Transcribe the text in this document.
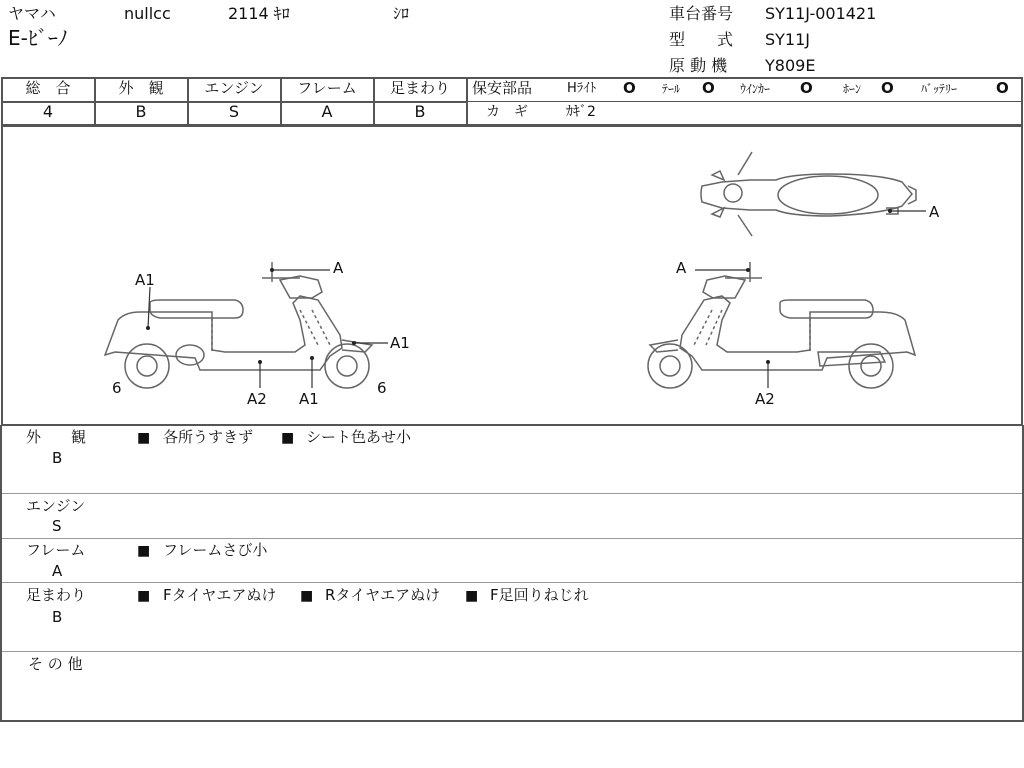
ヤマハ	nullcc	2114 ｷﾛ	ｼﾛ
E-ﾋﾞｰﾉ
車台番号 SY11J-001421
型　　式 SY11J
原 動 機 Y809E
総　合
4
外　観
B
エンジン
S
フレーム
A
足まわり
B
保安部品	Hﾗｲﾄ O ﾃｰﾙ O ｳｲﾝｶｰ O	ﾎｰﾝ O ﾊﾞｯﾃﾘｰ	O
カ　ギ	ｶｷﾞ2
A
A1
A
A1
6
A2 A1
6
A
A2
外　　観
B
■ 各所うすきず ■ シート色あせ小
エンジン
S
フレーム
A
■ フレームさび小
足まわり
B
■ Fタイヤエアぬけ ■ Rタイヤエアぬけ ■ F足回りねじれ
そ の 他
